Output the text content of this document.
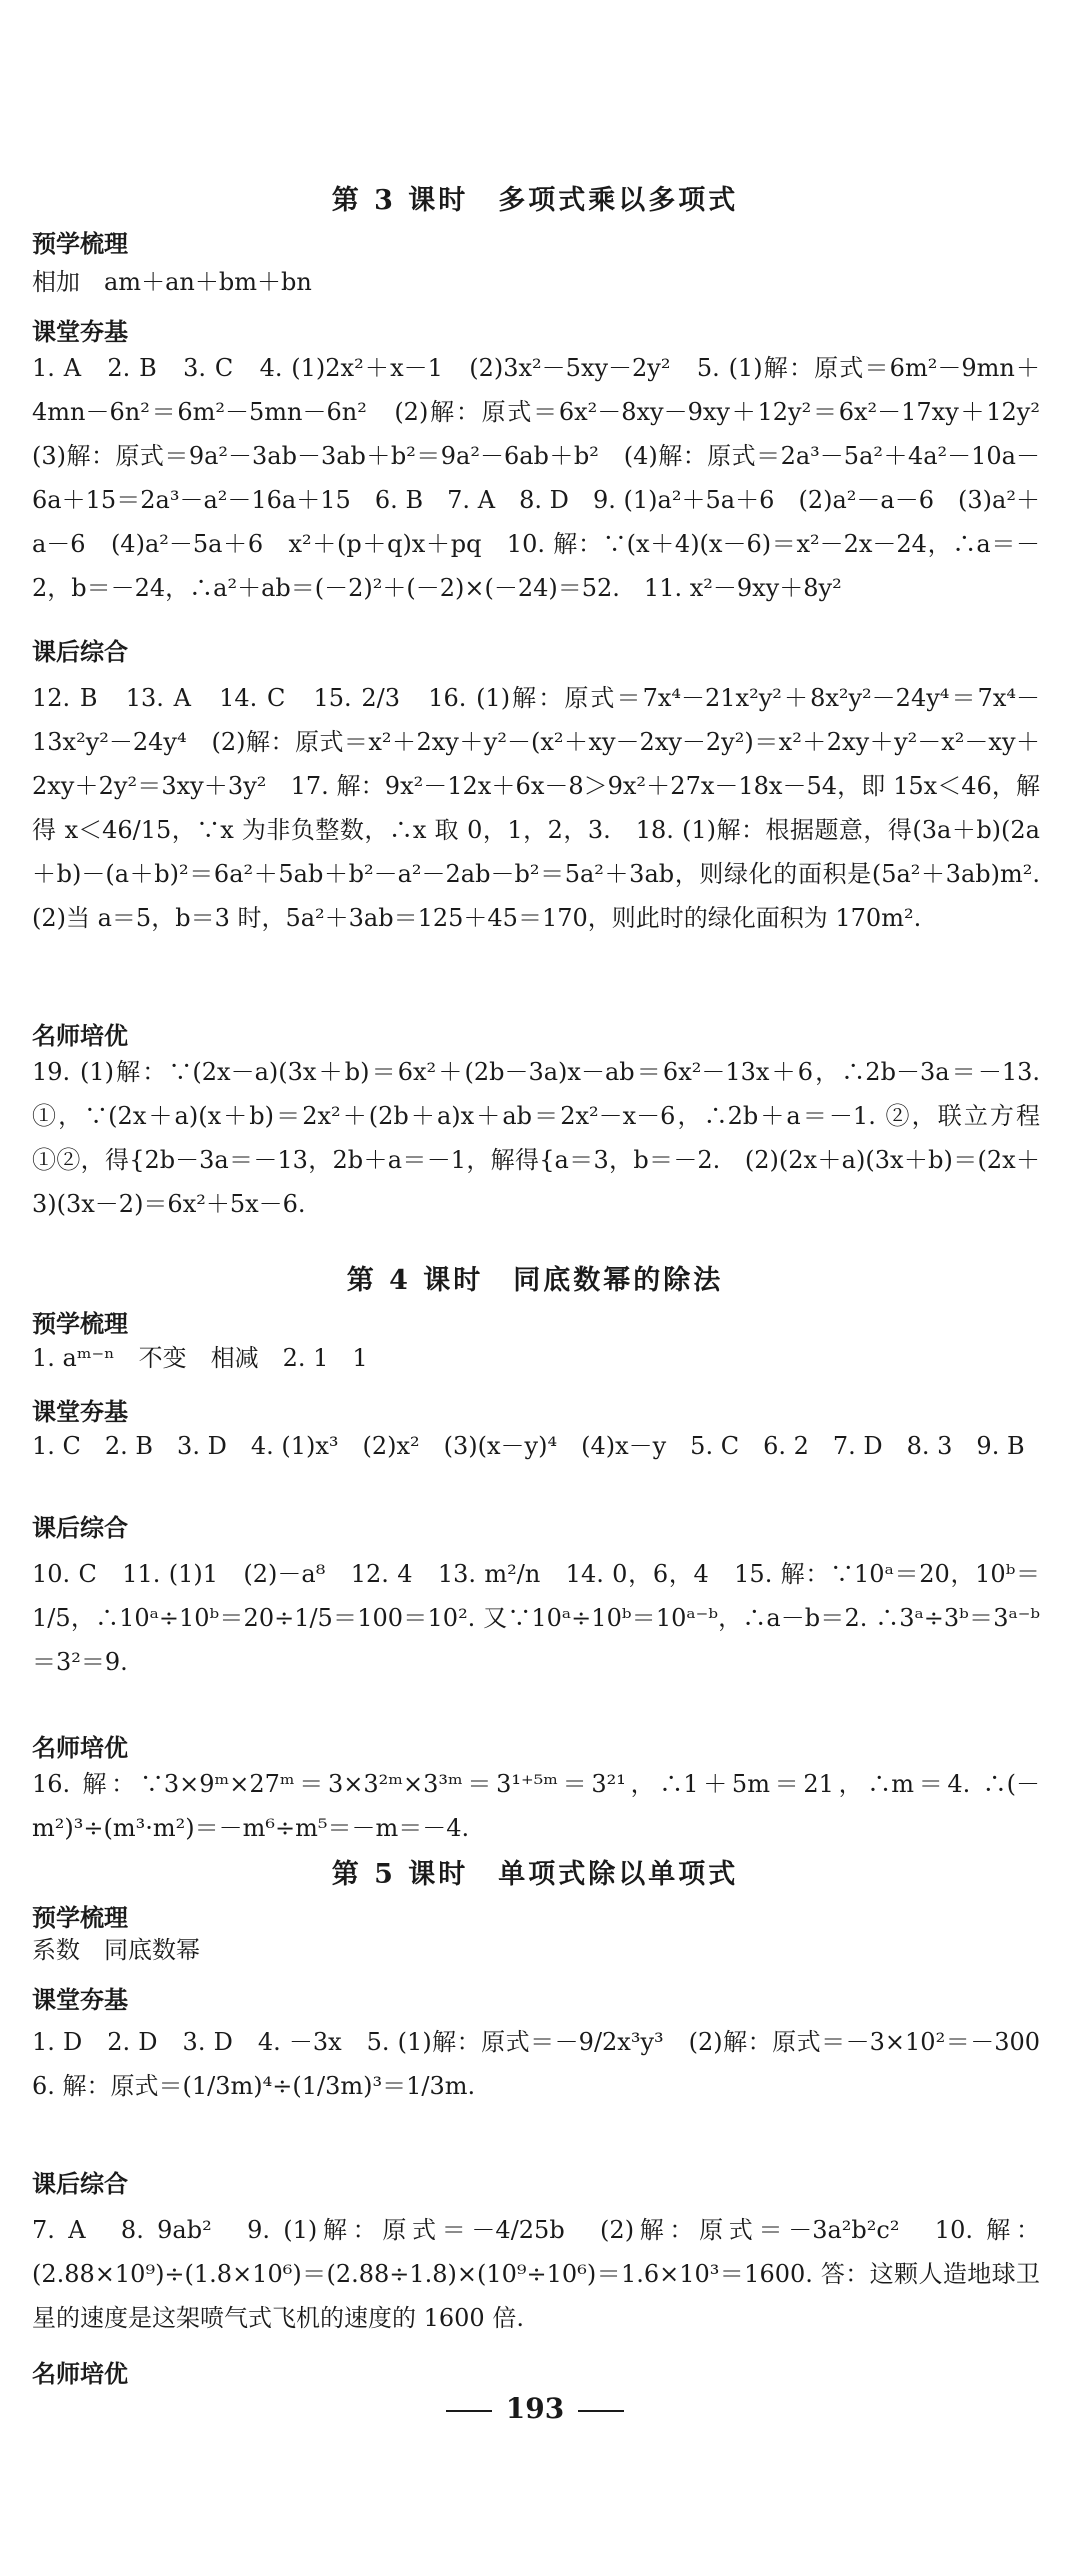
第 3 课时　多项式乘以多项式
预学梳理
相加　am＋an＋bm＋bn
课堂夯基
1. A　2. B　3. C　4. (1)2x²＋x－1　(2)3x²－5xy－2y²　5. (1)解：原式＝6m²－9mn＋4mn－6n²＝6m²－5mn－6n²　(2)解：原式＝6x²－8xy－9xy＋12y²＝6x²－17xy＋12y²　(3)解：原式＝9a²－3ab－3ab＋b²＝9a²－6ab＋b²　(4)解：原式＝2a³－5a²＋4a²－10a－6a＋15＝2a³－a²－16a＋15　6. B　7. A　8. D　9. (1)a²＋5a＋6　(2)a²－a－6　(3)a²＋a－6　(4)a²－5a＋6　x²＋(p＋q)x＋pq　10. 解：∵(x＋4)(x－6)＝x²－2x－24，∴a＝－2，b＝－24，∴a²＋ab＝(－2)²＋(－2)×(－24)＝52.　11. x²－9xy＋8y²
课后综合
12. B　13. A　14. C　15. 2/3　16. (1)解：原式＝7x⁴－21x²y²＋8x²y²－24y⁴＝7x⁴－13x²y²－24y⁴　(2)解：原式＝x²＋2xy＋y²－(x²＋xy－2xy－2y²)＝x²＋2xy＋y²－x²－xy＋2xy＋2y²＝3xy＋3y²　17. 解：9x²－12x＋6x－8＞9x²＋27x－18x－54，即 15x＜46，解得 x＜46/15，∵x 为非负整数，∴x 取 0，1，2，3.　18. (1)解：根据题意，得(3a＋b)(2a＋b)－(a＋b)²＝6a²＋5ab＋b²－a²－2ab－b²＝5a²＋3ab，则绿化的面积是(5a²＋3ab)m².　(2)当 a＝5，b＝3 时，5a²＋3ab＝125＋45＝170，则此时的绿化面积为 170m².
名师培优
19. (1)解：∵(2x－a)(3x＋b)＝6x²＋(2b－3a)x－ab＝6x²－13x＋6，∴2b－3a＝－13. ①，∵(2x＋a)(x＋b)＝2x²＋(2b＋a)x＋ab＝2x²－x－6，∴2b＋a＝－1. ②，联立方程①②，得{2b－3a＝－13，2b＋a＝－1，解得{a＝3，b＝－2.　(2)(2x＋a)(3x＋b)＝(2x＋3)(3x－2)＝6x²＋5x－6.
第 4 课时　同底数幂的除法
预学梳理
1. aᵐ⁻ⁿ　不变　相减　2. 1　1
课堂夯基
1. C　2. B　3. D　4. (1)x³　(2)x²　(3)(x－y)⁴　(4)x－y　5. C　6. 2　7. D　8. 3　9. B
课后综合
10. C　11. (1)1　(2)－a⁸　12. 4　13. m²/n　14. 0，6，4　15. 解：∵10ᵃ＝20，10ᵇ＝1/5，∴10ᵃ÷10ᵇ＝20÷1/5＝100＝10². 又∵10ᵃ÷10ᵇ＝10ᵃ⁻ᵇ，∴a－b＝2. ∴3ᵃ÷3ᵇ＝3ᵃ⁻ᵇ＝3²＝9.
名师培优
16. 解：∵3×9ᵐ×27ᵐ＝3×3²ᵐ×3³ᵐ＝3¹⁺⁵ᵐ＝3²¹，∴1＋5m＝21，∴m＝4. ∴(－m²)³÷(m³·m²)＝－m⁶÷m⁵＝－m＝－4.
第 5 课时　单项式除以单项式
预学梳理
系数　同底数幂
课堂夯基
1. D　2. D　3. D　4. －3x　5. (1)解：原式＝－9/2x³y³　(2)解：原式＝－3×10²＝－300　6. 解：原式＝(1/3m)⁴÷(1/3m)³＝1/3m.
课后综合
7. A　8. 9ab²　9. (1)解：原式＝－4/25b　(2)解：原式＝－3a²b²c²　10. 解：(2.88×10⁹)÷(1.8×10⁶)＝(2.88÷1.8)×(10⁹÷10⁶)＝1.6×10³＝1600. 答：这颗人造地球卫星的速度是这架喷气式飞机的速度的 1600 倍.
名师培优
193
